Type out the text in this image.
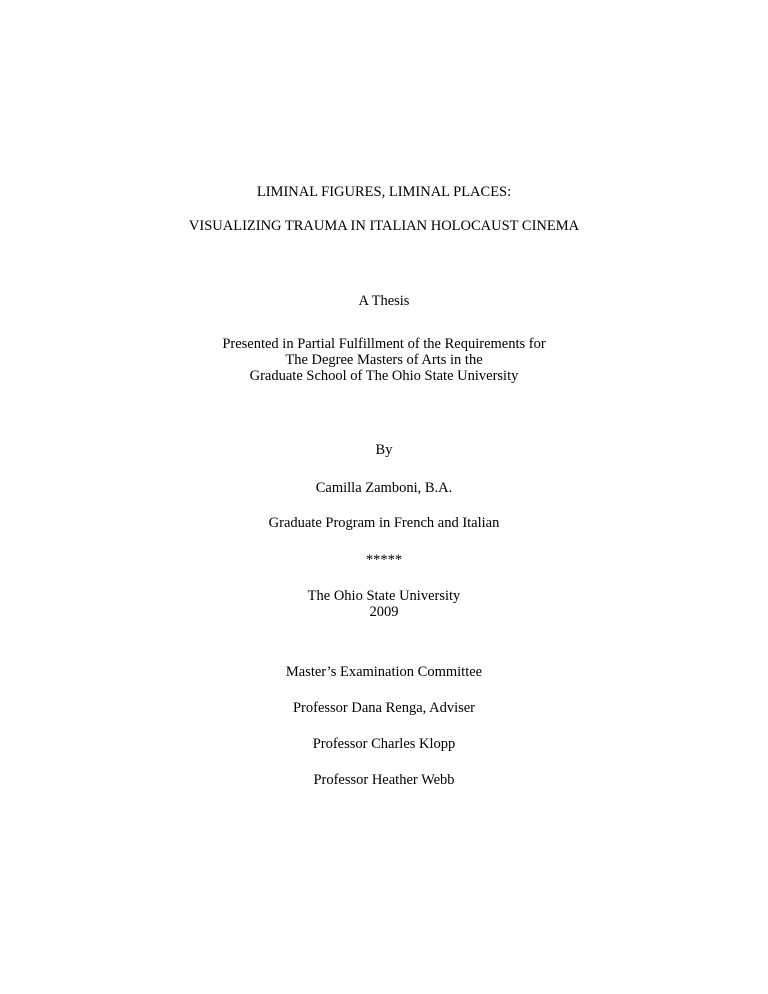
LIMINAL FIGURES, LIMINAL PLACES:
VISUALIZING TRAUMA IN ITALIAN HOLOCAUST CINEMA
A Thesis
Presented in Partial Fulfillment of the Requirements for
The Degree Masters of Arts in the
Graduate School of The Ohio State University
By
Camilla Zamboni, B.A.
Graduate Program in French and Italian
*****
The Ohio State University
2009
Master’s Examination Committee
Professor Dana Renga, Adviser
Professor Charles Klopp
Professor Heather Webb
